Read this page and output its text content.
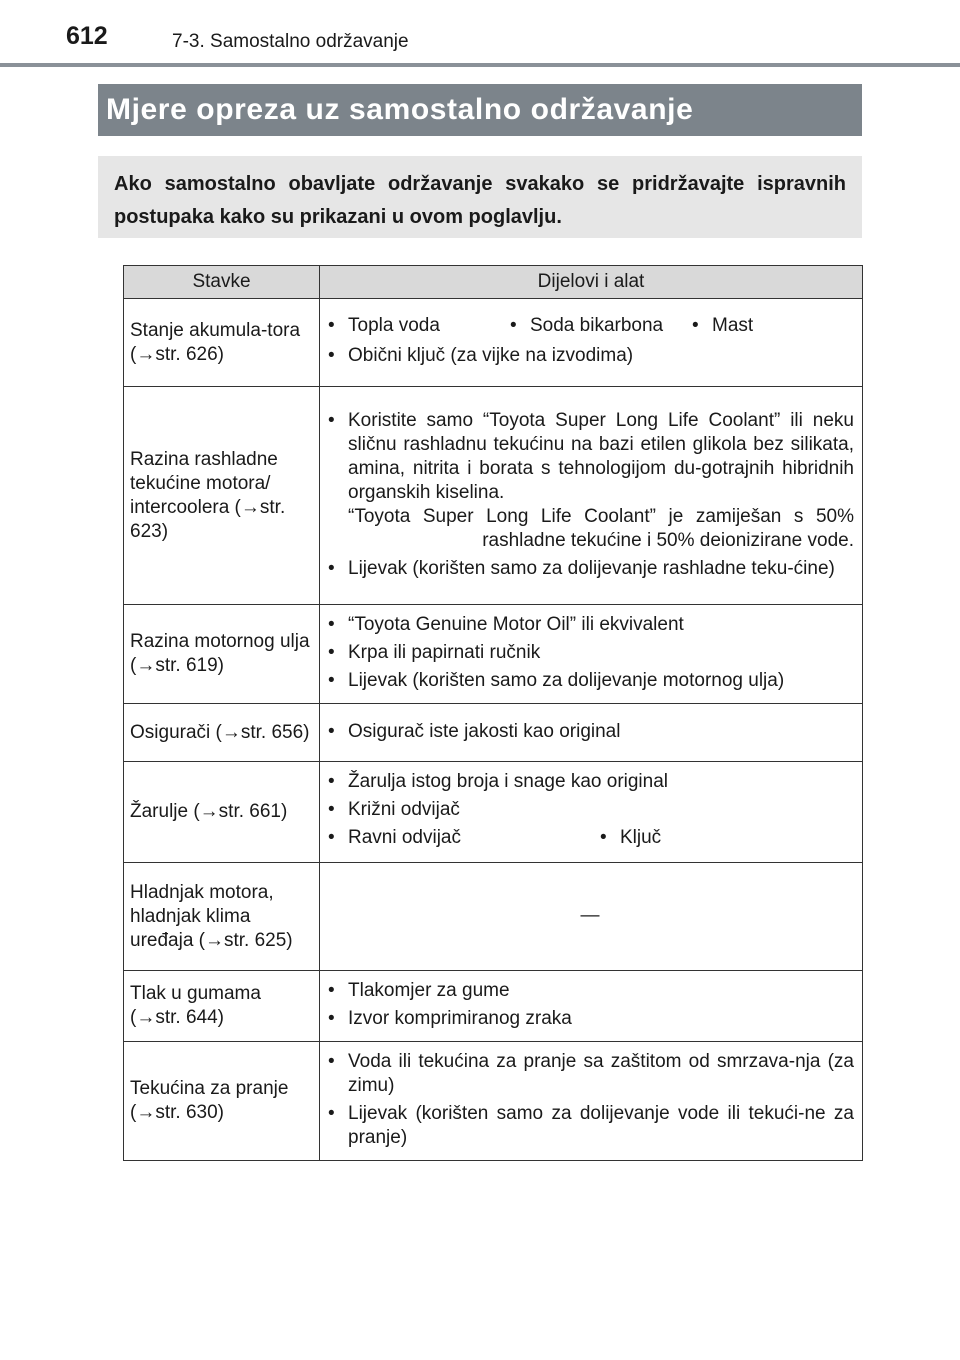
612	7-3. Samostalno održavanje
Mjere opreza uz samostalno održavanje

Ako samostalno obavljate održavanje svakako se pridržavajte ispravnih postupaka kako su prikazani u ovom poglavlju.

Stavke	Dijelovi i alat
Stanje akumula-tora (→str. 626)	• Topla voda • Soda bikarbona • Mast
• Obični ključ (za vijke na izvodima)

Razina rashladne tekućine motora/ intercoolera (→str. 623)	• Koristite samo “Toyota Super Long Life Coolant” ili neku sličnu rashladnu tekućinu na bazi etilen glikola bez silikata, amina, nitrita i borata s tehnologijom du-gotrajnih hibridnih organskih kiselina.
“Toyota Super Long Life Coolant” je zamiješan s 50% rashladne tekućine i 50% deionizirane vode.
• Lijevak (korišten samo za dolijevanje rashladne teku-ćine)

Razina motornog ulja (→str. 619)	• “Toyota Genuine Motor Oil” ili ekvivalent
• Krpa ili papirnati ručnik
• Lijevak (korišten samo za dolijevanje motornog ulja)

Osigurači (→str. 656)	• Osigurač iste jakosti kao original

Žarulje (→str. 661)	• Žarulja istog broja i snage kao original
• Križni odvijač
• Ravni odvijač • Ključ

Hladnjak motora, hladnjak klima uređaja (→str. 625)	—
Tlak u gumama (→str. 644)	• Tlakomjer za gume
• Izvor komprimiranog zraka

Tekućina za pranje (→str. 630)	• Voda ili tekućina za pranje sa zaštitom od smrzava-nja (za zimu)
• Lijevak (korišten samo za dolijevanje vode ili tekući-ne za pranje)
